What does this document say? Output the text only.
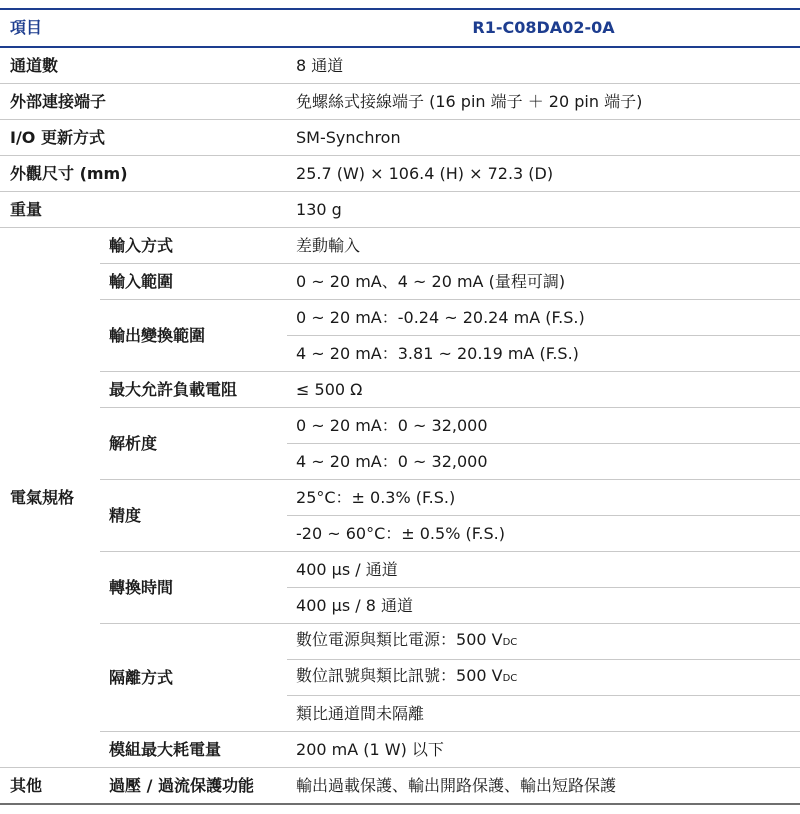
項目		R1-C08DA02-0A
通道數		8 通道
外部連接端子		免螺絲式接線端子 (16 pin 端子 ＋ 20 pin 端子)
I/O 更新方式		SM-Synchron
外觀尺寸 (mm)		25.7 (W) × 106.4 (H) × 72.3 (D)
重量		130 g
電氣規格	輸入方式	差動輸入
	輸入範圍	0 ~ 20 mA、4 ~ 20 mA (量程可調)
	輸出變換範圍	0 ~ 20 mA：-0.24 ~ 20.24 mA (F.S.)
		4 ~ 20 mA：3.81 ~ 20.19 mA (F.S.)
	最大允許負載電阻	≤ 500 Ω
	解析度	0 ~ 20 mA：0 ~ 32,000
		4 ~ 20 mA：0 ~ 32,000
	精度	25°C：± 0.3% (F.S.)
		-20 ~ 60°C：± 0.5% (F.S.)
	轉換時間	400 µs / 通道
		400 µs / 8 通道
	隔離方式	數位電源與類比電源：500 VDC
		數位訊號與類比訊號：500 VDC
		類比通道間未隔離
	模組最大耗電量	200 mA (1 W) 以下
其他	過壓 / 過流保護功能	輸出過載保護、輸出開路保護、輸出短路保護
